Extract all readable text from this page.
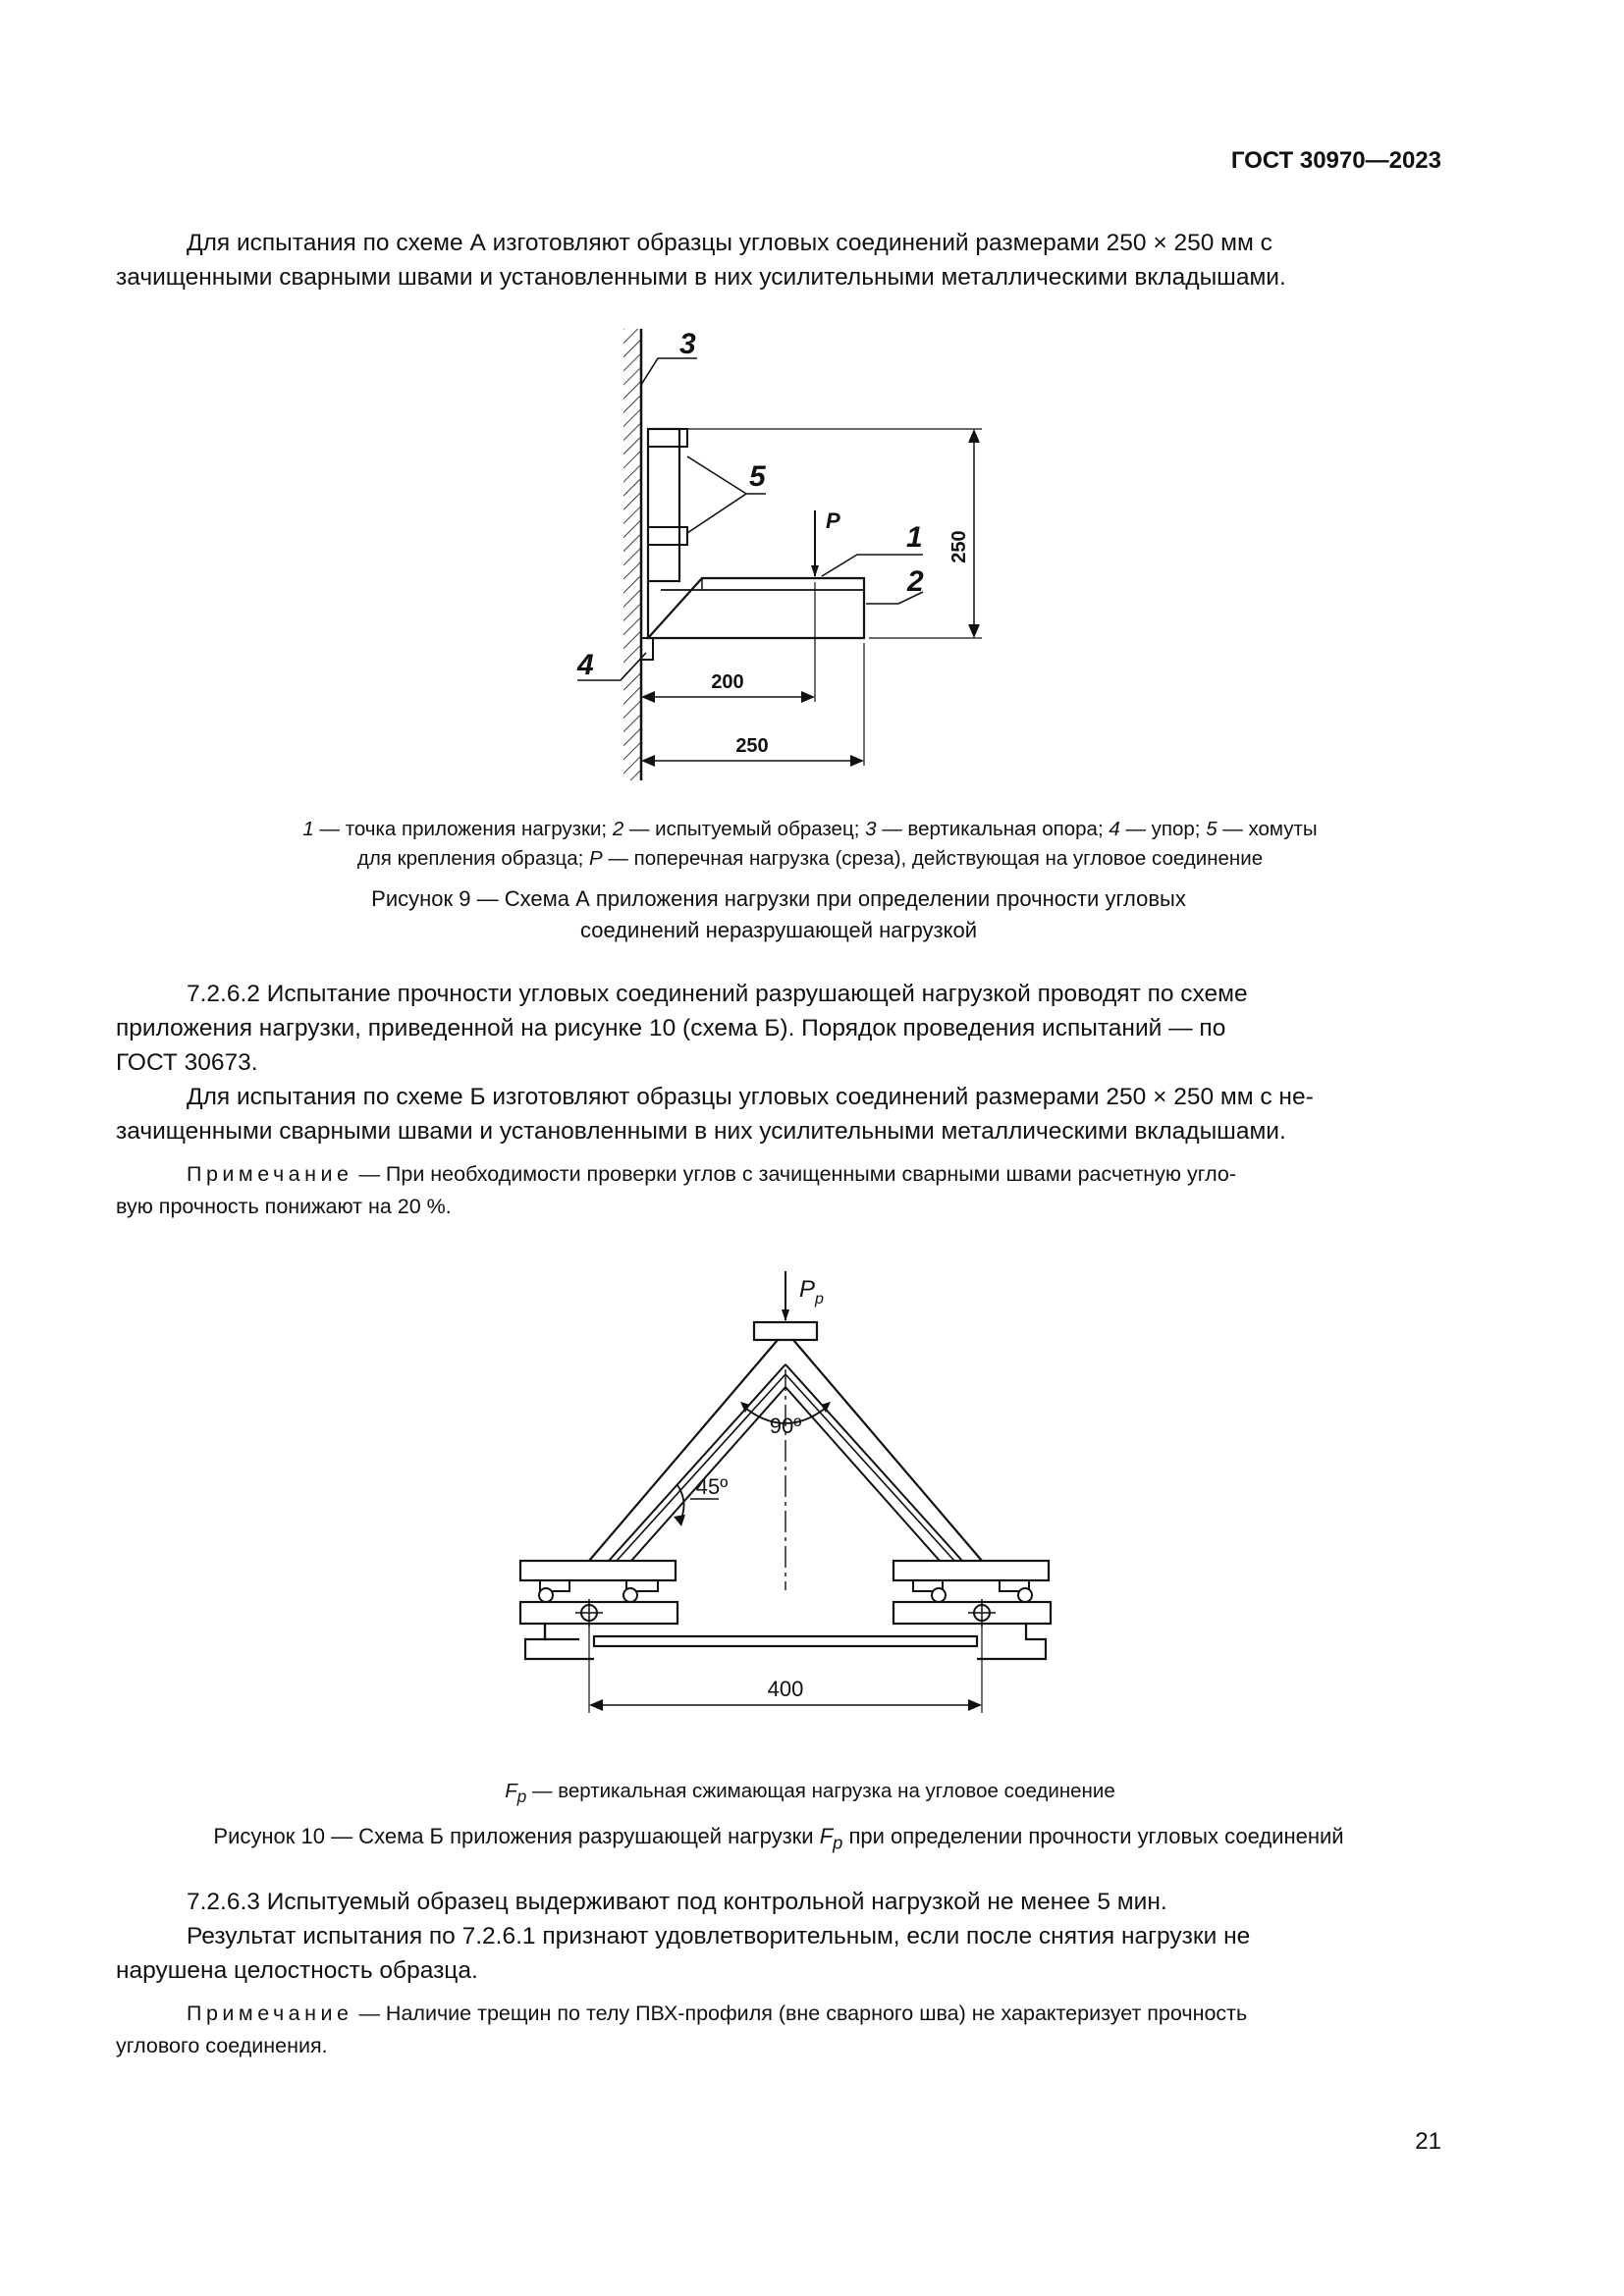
ГОСТ 30970—2023
Для испытания по схеме А изготовляют образцы угловых соединений размерами 250 × 250 мм с
зачищенными сварными швами и установленными в них усилительными металлическими вкладышами.
P
1
2
3
4
5
250
200
250
1 — точка приложения нагрузки; 2 — испытуемый образец; 3 — вертикальная опора; 4 — упор; 5 — хомуты
для крепления образца; P — поперечная нагрузка (среза), действующая на угловое соединение
Рисунок 9 — Схема А приложения нагрузки при определении прочности угловых
соединений неразрушающей нагрузкой
7.2.6.2 Испытание прочности угловых соединений разрушающей нагрузкой проводят по схеме
приложения нагрузки, приведенной на рисунке 10 (схема Б). Порядок проведения испытаний — по
ГОСТ 30673.
Для испытания по схеме Б изготовляют образцы угловых соединений размерами 250 × 250 мм с не-
зачищенными сварными швами и установленными в них усилительными металлическими вкладышами.
Примечание — При необходимости проверки углов с зачищенными сварными швами расчетную угло-
вую прочность понижают на 20 %.
$P_p$
90º
45º
400
$F_p$ — вертикальная сжимающая нагрузка на угловое соединение
Рисунок 10 — Схема Б приложения разрушающей нагрузки $F_p$ при определении прочности угловых соединений
7.2.6.3 Испытуемый образец выдерживают под контрольной нагрузкой не менее 5 мин.
Результат испытания по 7.2.6.1 признают удовлетворительным, если после снятия нагрузки не
нарушена целостность образца.
Примечание — Наличие трещин по телу ПВХ-профиля (вне сварного шва) не характеризует прочность
углового соединения.
21
